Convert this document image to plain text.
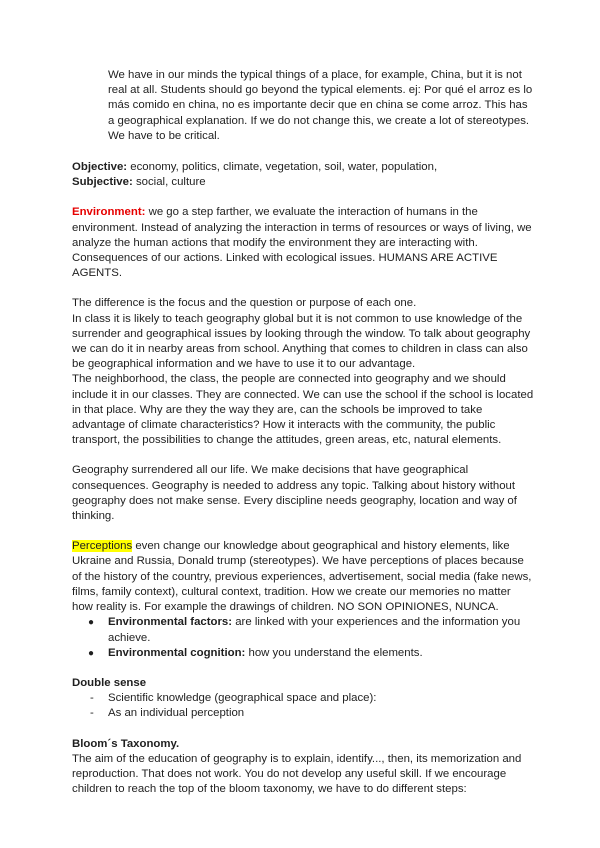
We have in our minds the typical things of a place, for example, China, but it is not real at all. Students should go beyond the typical elements. ej: Por qué el arroz es lo más comido en china, no es importante decir que en china se come arroz. This has a geographical explanation. If we do not change this, we create a lot of stereotypes. We have to be critical.

Objective: economy, politics, climate, vegetation, soil, water, population,

Subjective: social, culture

Environment: we go a step farther, we evaluate the interaction of humans in the environment. Instead of analyzing the interaction in terms of resources or ways of living, we analyze the human actions that modify the environment they are interacting with. Consequences of our actions. Linked with ecological issues. HUMANS ARE ACTIVE AGENTS.

The difference is the focus and the question or purpose of each one.

In class it is likely to teach geography global but it is not common to use knowledge of the surrender and geographical issues by looking through the window. To talk about geography we can do it in nearby areas from school. Anything that comes to children in class can also be geographical information and we have to use it to our advantage.

The neighborhood, the class, the people are connected into geography and we should include it in our classes. They are connected. We can use the school if the school is located in that place. Why are they the way they are, can the schools be improved to take advantage of climate characteristics? How it interacts with the community, the public transport, the possibilities to change the attitudes, green areas, etc, natural elements.

Geography surrendered all our life. We make decisions that have geographical consequences. Geography is needed to address any topic. Talking about history without geography does not make sense. Every discipline needs geography, location and way of thinking.

Perceptions even change our knowledge about geographical and history elements, like Ukraine and Russia, Donald trump (stereotypes). We have perceptions of places because of the history of the country, previous experiences, advertisement, social media (fake news, films, family context), cultural context, tradition. How we create our memories no matter how reality is. For example the drawings of children. NO SON OPINIONES, NUNCA.

● Environmental factors: are linked with your experiences and the information you achieve.
● Environmental cognition: how you understand the elements.
Double sense
- Scientific knowledge (geographical space and place):
- As an individual perception
Bloom´s Taxonomy.

The aim of the education of geography is to explain, identify..., then, its memorization and reproduction. That does not work. You do not develop any useful skill. If we encourage children to reach the top of the bloom taxonomy, we have to do different steps:
